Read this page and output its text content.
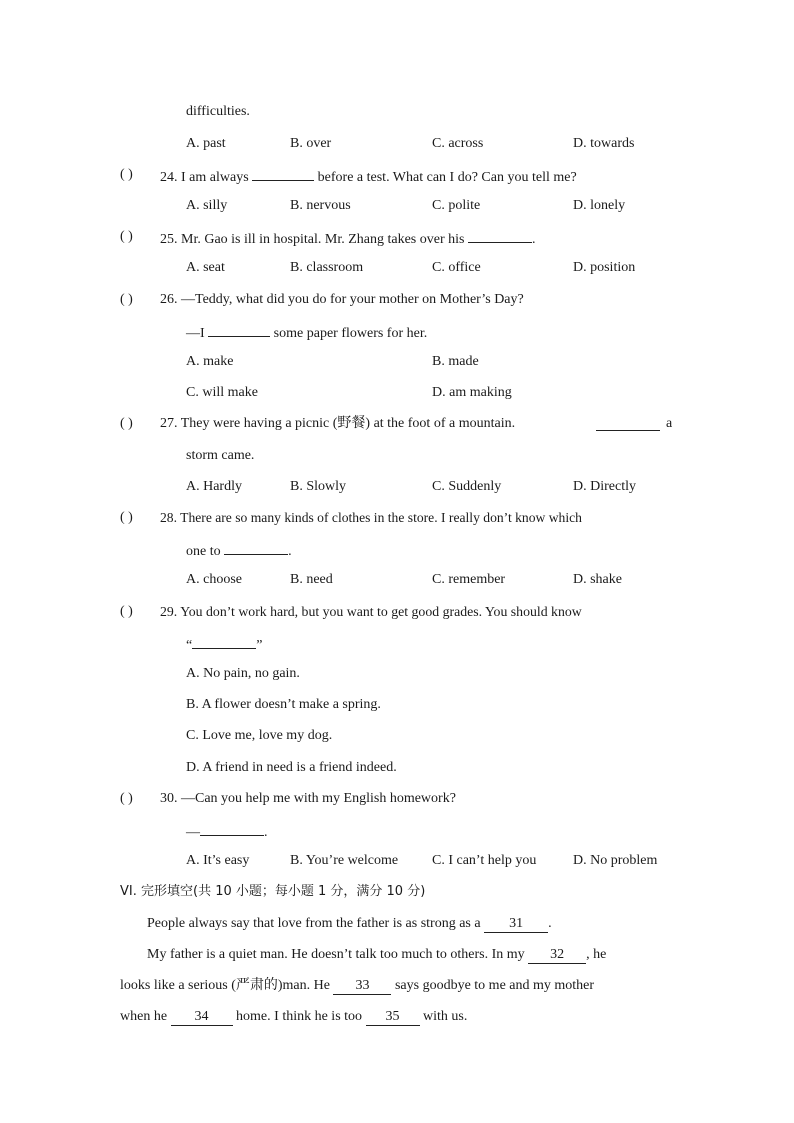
difficulties.
A. past	B. over	C. across	D. towards
( ) 24. I am always	before a test. What can I do? Can you tell me?
A. silly	B. nervous	C. polite	D. lonely
( ) 25. Mr. Gao is ill in hospital. Mr. Zhang takes over his	.
A. seat	B. classroom	C. office	D. position
( ) 26. —Teddy, what did you do for your mother on Mother’s Day?
—I	some paper flowers for her.
A. make	B. made
C. will make	D. am making
( ) 27. They were having a picnic (野餐) at the foot of a mountain.	a
storm came.
A. Hardly	B. Slowly	C. Suddenly	D. Directly
( ) 28. There are so many kinds of clothes in the store. I really don’t know which
one to	.
A. choose	B. need	C. remember	D. shake
( ) 29. You don’t work hard, but you want to get good grades. You should know
“	”
A. No pain, no gain.
B. A flower doesn’t make a spring.
C. Love me, love my dog.
D. A friend in need is a friend indeed.
( ) 30. —Can you help me with my English homework?
—	.
A. It’s easy	B. You’re welcome C. I can’t help you	D. No problem
VI. 完形填空(共 10 小题；每小题 1 分，满分 10 分)
People always say that love from the father is as strong as a 31 .
My father is a quiet man. He doesn’t talk too much to others. In my 32 , he
looks like a serious (严肃的)man. He 33 says goodbye to me and my mother
when he 34 home. I think he is too 35 with us.
